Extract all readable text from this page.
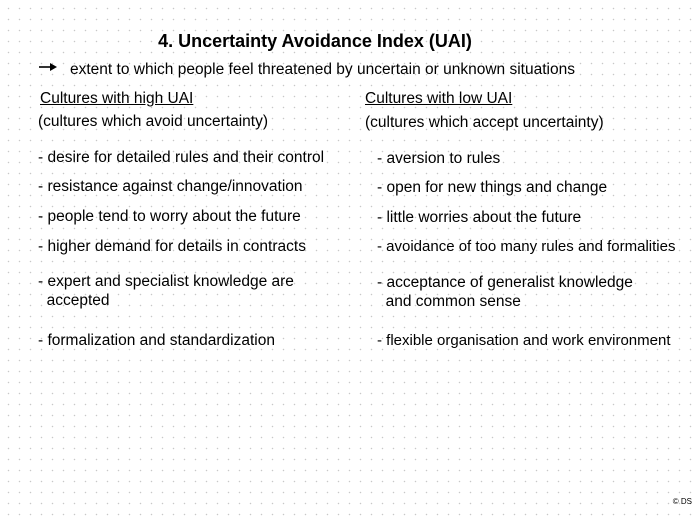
4. Uncertainty Avoidance Index (UAI)
extent to which people feel threatened by uncertain or unknown situations
Cultures with high UAI
(cultures which avoid uncertainty)
- desire for detailed rules and their control
- resistance against change/innovation
- people tend to worry about the future
- higher demand for details in contracts
- expert and specialist knowledge are
accepted
- formalization and standardization
Cultures with low UAI
(cultures which accept uncertainty)
- aversion to rules
- open for new things and change
- little worries about the future
- avoidance of too many rules and formalities
- acceptance of generalist knowledge
and common sense
- flexible organisation and work environment
© DS
